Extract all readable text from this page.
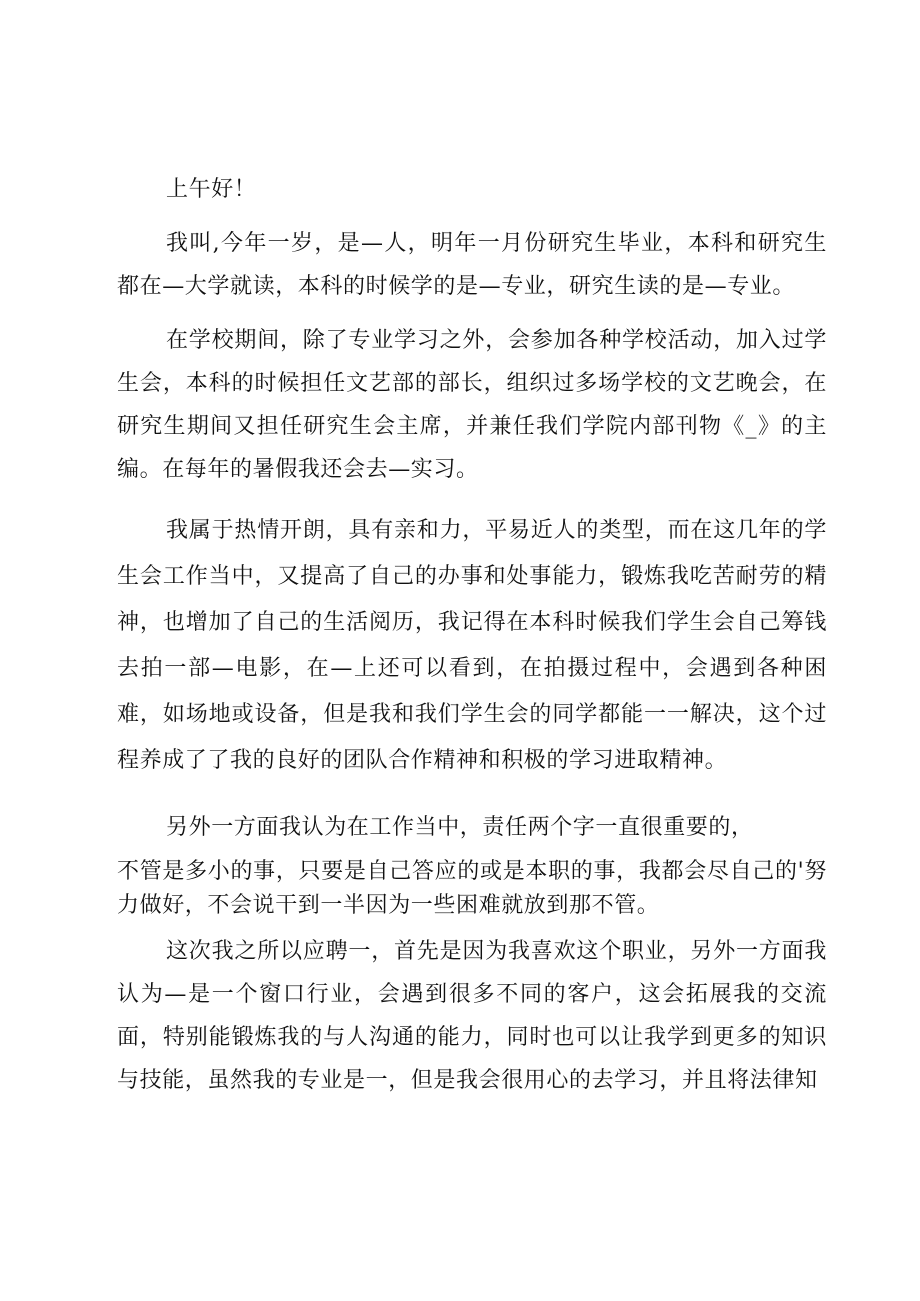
上午好！

我叫,今年一岁，是—人，明年一月份研究生毕业，本科和研究生都在—大学就读，本科的时候学的是—专业，研究生读的是—专业。

在学校期间，除了专业学习之外，会参加各种学校活动，加入过学生会，本科的时候担任文艺部的部长，组织过多场学校的文艺晚会，在研究生期间又担任研究生会主席，并兼任我们学院内部刊物《_》的主编。在每年的暑假我还会去—实习。

我属于热情开朗，具有亲和力，平易近人的类型，而在这几年的学生会工作当中，又提高了自己的办事和处事能力，锻炼我吃苦耐劳的精神，也增加了自己的生活阅历，我记得在本科时候我们学生会自己筹钱去拍一部—电影，在—上还可以看到，在拍摄过程中，会遇到各种困难，如场地或设备，但是我和我们学生会的同学都能一一解决，这个过程养成了了我的良好的团队合作精神和积极的学习进取精神。

另外一方面我认为在工作当中，责任两个字一直很重要的，

不管是多小的事，只要是自己答应的或是本职的事，我都会尽自己的'努力做好，不会说干到一半因为一些困难就放到那不管。

这次我之所以应聘一，首先是因为我喜欢这个职业，另外一方面我认为—是一个窗口行业，会遇到很多不同的客户，这会拓展我的交流面，特别能锻炼我的与人沟通的能力，同时也可以让我学到更多的知识与技能，虽然我的专业是一，但是我会很用心的去学习，并且将法律知
